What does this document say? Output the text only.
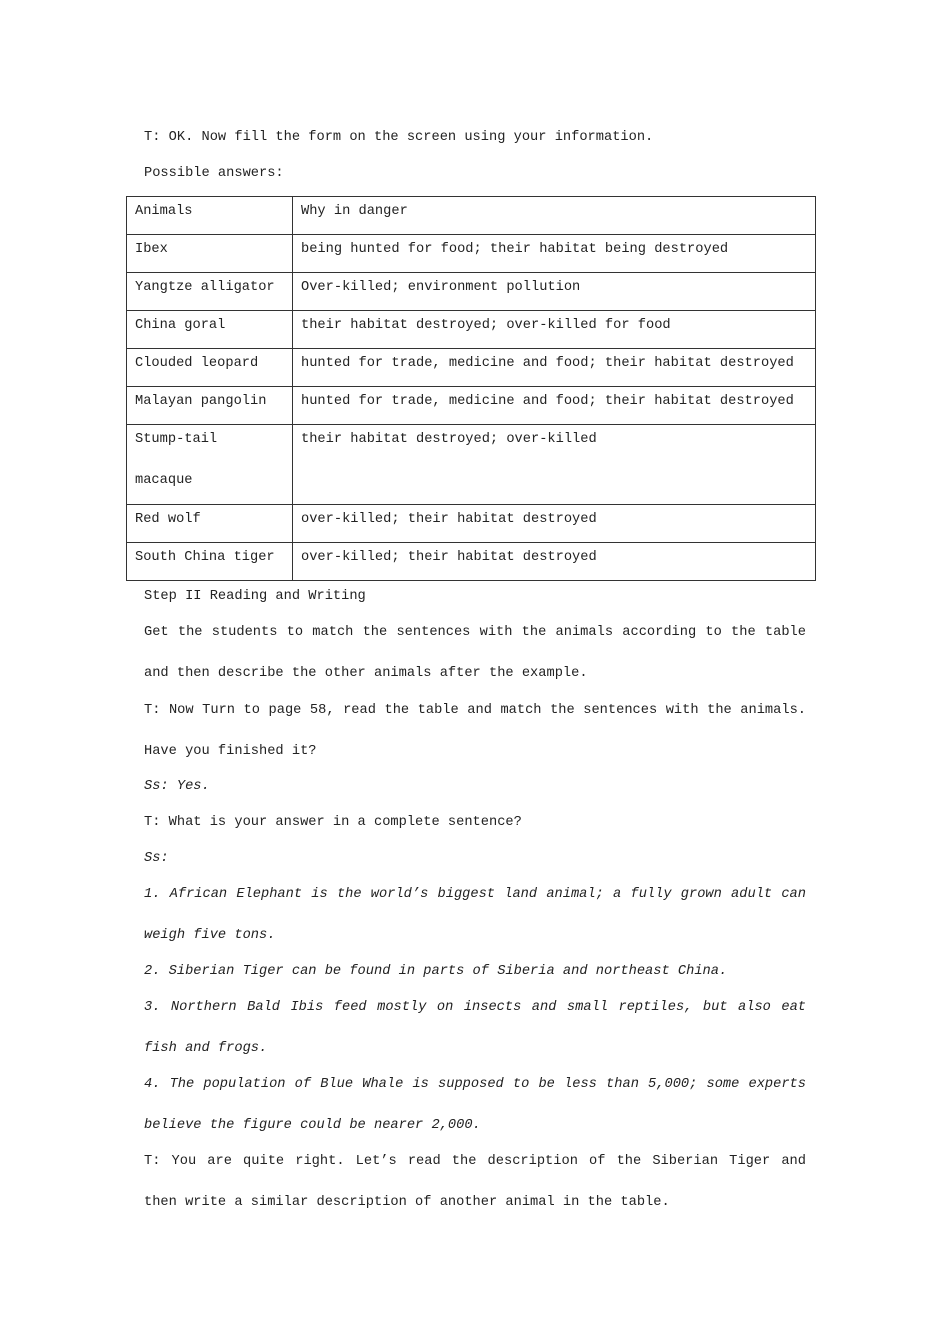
T: OK. Now fill the form on the screen using your information.
Possible answers:
Animals	Why in danger

Ibex	being hunted for food; their habitat being destroyed

Yangtze alligator	Over-killed; environment pollution

China goral	their habitat destroyed; over-killed for food

Clouded leopard	hunted for trade, medicine and food; their habitat destroyed

Malayan pangolin	hunted for trade, medicine and food; their habitat destroyed

Stump-tail macaque	their habitat destroyed; over-killed

Red wolf	over-killed; their habitat destroyed

South China tiger	over-killed; their habitat destroyed
Step II Reading and Writing
Get the students to match the sentences with the animals according to the table and then describe the other animals after the example.
T: Now Turn to page 58, read the table and match the sentences with the animals. Have you finished it?
Ss: Yes.
T: What is your answer in a complete sentence?
Ss:
1. African Elephant is the world’s biggest land animal; a fully grown adult can weigh five tons.
2. Siberian Tiger can be found in parts of Siberia and northeast China.
3. Northern Bald Ibis feed mostly on insects and small reptiles, but also eat fish and frogs.
4. The population of Blue Whale is supposed to be less than 5,000; some experts believe the figure could be nearer 2,000.
T: You are quite right. Let’s read the description of the Siberian Tiger and then write a similar description of another animal in the table.
